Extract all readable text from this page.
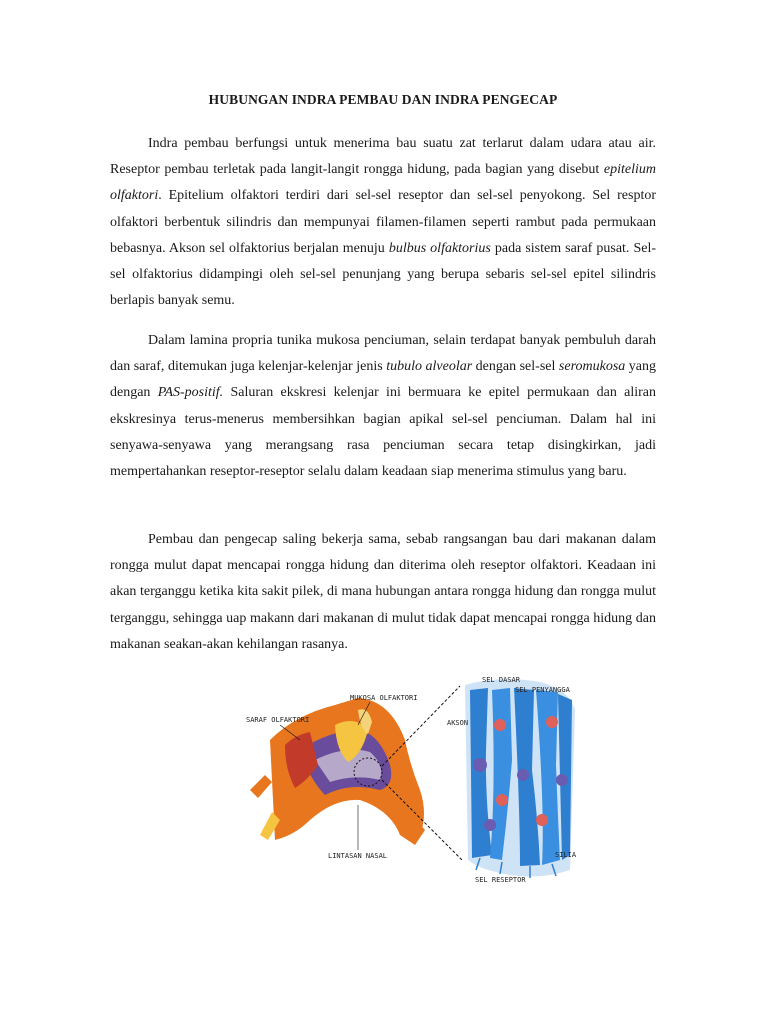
HUBUNGAN INDRA PEMBAU DAN INDRA PENGECAP

Indra pembau berfungsi untuk menerima bau suatu zat terlarut dalam udara atau air. Reseptor pembau terletak pada langit-langit rongga hidung, pada bagian yang disebut epitelium olfaktori. Epitelium olfaktori terdiri dari sel-sel reseptor dan sel-sel penyokong. Sel resptor olfaktori berbentuk silindris dan mempunyai filamen-filamen seperti rambut pada permukaan bebasnya. Akson sel olfaktorius berjalan menuju bulbus olfaktorius pada sistem saraf pusat. Sel-sel olfaktorius didampingi oleh sel-sel penunjang yang berupa sebaris sel-sel epitel silindris berlapis banyak semu.

Dalam lamina propria tunika mukosa penciuman, selain terdapat banyak pembuluh darah dan saraf, ditemukan juga kelenjar-kelenjar jenis tubulo alveolar dengan sel-sel seromukosa yang dengan PAS-positif. Saluran ekskresi kelenjar ini bermuara ke epitel permukaan dan aliran ekskresinya terus-menerus membersihkan bagian apikal sel-sel penciuman. Dalam hal ini senyawa-senyawa yang merangsang rasa penciuman secara tetap disingkirkan, jadi mempertahankan reseptor-reseptor selalu dalam keadaan siap menerima stimulus yang baru.

Pembau dan pengecap saling bekerja sama, sebab rangsangan bau dari makanan dalam rongga mulut dapat mencapai rongga hidung dan diterima oleh reseptor olfaktori. Keadaan ini akan terganggu ketika kita sakit pilek, di mana hubungan antara rongga hidung dan rongga mulut terganggu, sehingga uap makann dari makanan di mulut tidak dapat mencapai rongga hidung dan makanan seakan-akan kehilangan rasanya.

MUKOSA OLFAKTORI
SARAF OLFAKTORI
LINTASAN NASAL
SEL DASAR
SEL PENYANGGA
AKSON
SILIA
SEL RESEPTOR
